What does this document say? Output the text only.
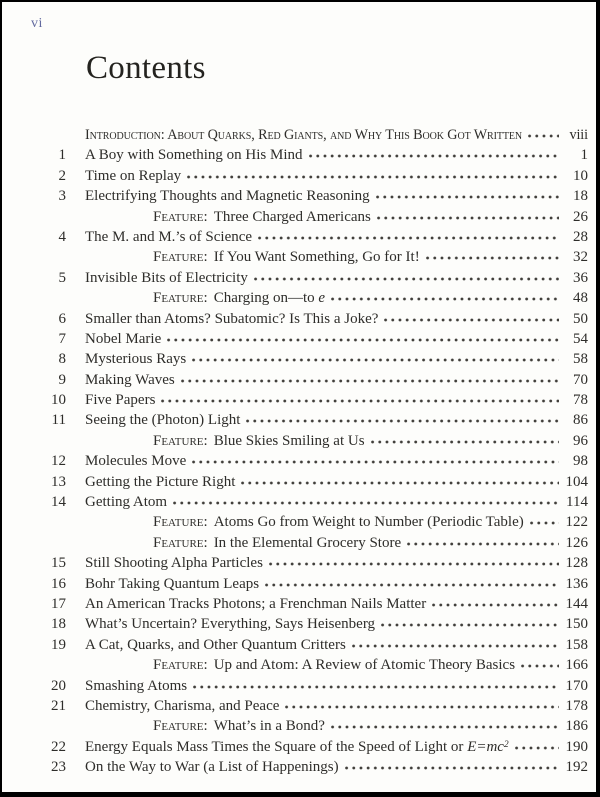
vi
Contents
Introduction: About Quarks, Red Giants, and Why This Book Got Written	viii
1 A Boy with Something on His Mind	1
2 Time on Replay	10
3 Electrifying Thoughts and Magnetic Reasoning	18
Feature: Three Charged Americans	26
4 The M. and M.’s of Science	28
Feature: If You Want Something, Go for It!	32
5 Invisible Bits of Electricity	36
Feature: Charging on—to e	48
6 Smaller than Atoms? Subatomic? Is This a Joke?	50
7 Nobel Marie	54
8 Mysterious Rays	58
9 Making Waves	70
10 Five Papers	78
11 Seeing the (Photon) Light	86
Feature: Blue Skies Smiling at Us	96
12 Molecules Move	98
13 Getting the Picture Right	104
14 Getting Atom	114
Feature: Atoms Go from Weight to Number (Periodic Table)	122
Feature: In the Elemental Grocery Store	126
15 Still Shooting Alpha Particles	128
16 Bohr Taking Quantum Leaps	136
17 An American Tracks Photons; a Frenchman Nails Matter	144
18 What’s Uncertain? Everything, Says Heisenberg	150
19 A Cat, Quarks, and Other Quantum Critters	158
Feature: Up and Atom: A Review of Atomic Theory Basics	166
20 Smashing Atoms	170
21 Chemistry, Charisma, and Peace	178
Feature: What’s in a Bond?	186
22 Energy Equals Mass Times the Square of the Speed of Light or $E=mc^2$	190
23 On the Way to War (a List of Happenings)	192
